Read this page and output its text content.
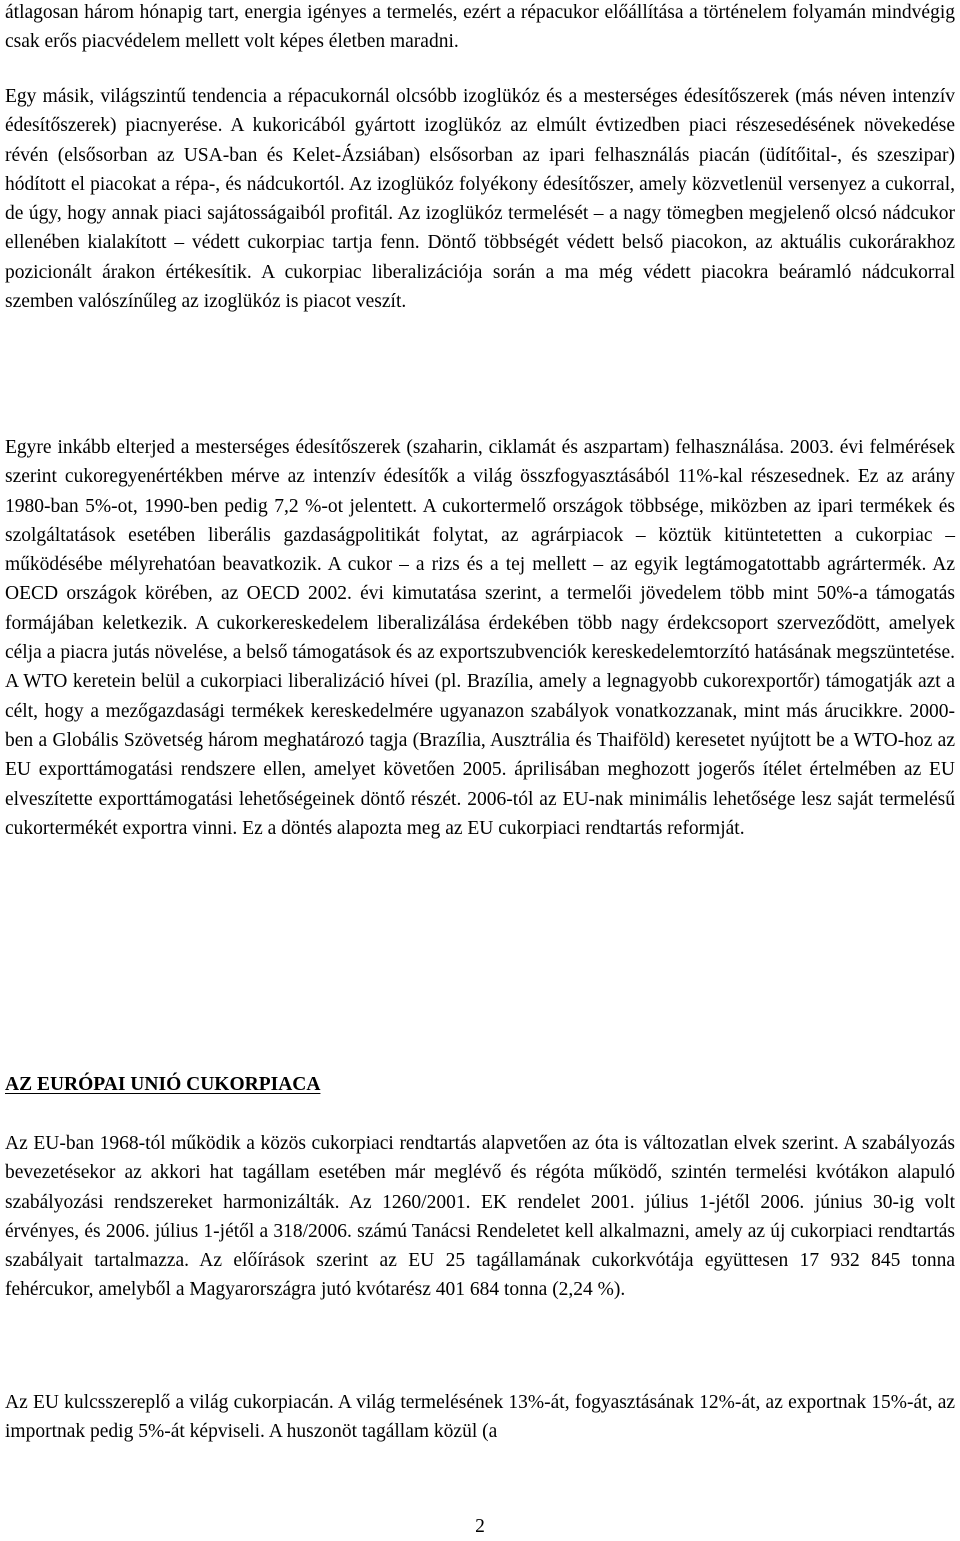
átlagosan három hónapig tart, energia igényes a termelés, ezért a répacukor előállítása a történelem folyamán mindvégig csak erős piacvédelem mellett volt képes életben maradni.

Egy másik, világszintű tendencia a répacukornál olcsóbb izoglükóz és a mesterséges édesítőszerek (más néven intenzív édesítőszerek) piacnyerése. A kukoricából gyártott izoglükóz az elmúlt évtizedben piaci részesedésének növekedése révén (elsősorban az USA-ban és Kelet-Ázsiában) elsősorban az ipari felhasználás piacán (üdítőital-, és szeszipar) hódított el piacokat a répa-, és nádcukortól. Az izoglükóz folyékony édesítőszer, amely közvetlenül versenyez a cukorral, de úgy, hogy annak piaci sajátosságaiból profitál. Az izoglükóz termelését – a nagy tömegben megjelenő olcsó nádcukor ellenében kialakított – védett cukorpiac tartja fenn. Döntő többségét védett belső piacokon, az aktuális cukorárakhoz pozicionált árakon értékesítik. A cukorpiac liberalizációja során a ma még védett piacokra beáramló nádcukorral szemben valószínűleg az izoglükóz is piacot veszít.

Egyre inkább elterjed a mesterséges édesítőszerek (szaharin, ciklamát és aszpartam) felhasználása. 2003. évi felmérések szerint cukoregyenértékben mérve az intenzív édesítők a világ összfogyasztásából 11%-kal részesednek. Ez az arány 1980-ban 5%-ot, 1990-ben pedig 7,2 %-ot jelentett. A cukortermelő országok többsége, miközben az ipari termékek és szolgáltatások esetében liberális gazdaságpolitikát folytat, az agrárpiacok – köztük kitüntetetten a cukorpiac – működésébe mélyrehatóan beavatkozik. A cukor – a rizs és a tej mellett – az egyik legtámogatottabb agrártermék. Az OECD országok körében, az OECD 2002. évi kimutatása szerint, a termelői jövedelem több mint 50%-a támogatás formájában keletkezik. A cukorkereskedelem liberalizálása érdekében több nagy érdekcsoport szerveződött, amelyek célja a piacra jutás növelése, a belső támogatások és az exportszubvenciók kereskedelemtorzító hatásának megszüntetése. A WTO keretein belül a cukorpiaci liberalizáció hívei (pl. Brazília, amely a legnagyobb cukorexportőr) támogatják azt a célt, hogy a mezőgazdasági termékek kereskedelmére ugyanazon szabályok vonatkozzanak, mint más árucikkre. 2000-ben a Globális Szövetség három meghatározó tagja (Brazília, Ausztrália és Thaiföld) keresetet nyújtott be a WTO-hoz az EU exporttámogatási rendszere ellen, amelyet követően 2005. áprilisában meghozott jogerős ítélet értelmében az EU elveszítette exporttámogatási lehetőségeinek döntő részét. 2006-tól az EU-nak minimális lehetősége lesz saját termelésű cukortermékét exportra vinni. Ez a döntés alapozta meg az EU cukorpiaci rendtartás reformját.

AZ EURÓPAI UNIÓ CUKORPIACA

Az EU-ban 1968-tól működik a közös cukorpiaci rendtartás alapvetően az óta is változatlan elvek szerint. A szabályozás bevezetésekor az akkori hat tagállam esetében már meglévő és régóta működő, szintén termelési kvótákon alapuló szabályozási rendszereket harmonizálták. Az 1260/2001. EK rendelet 2001. július 1-jétől 2006. június 30-ig volt érvényes, és 2006. július 1-jétől a 318/2006. számú Tanácsi Rendeletet kell alkalmazni, amely az új cukorpiaci rendtartás szabályait tartalmazza. Az előírások szerint az EU 25 tagállamának cukorkvótája együttesen 17 932 845 tonna fehércukor, amelyből a Magyarországra jutó kvótarész 401 684 tonna (2,24 %).

Az EU kulcsszereplő a világ cukorpiacán. A világ termelésének 13%-át, fogyasztásának 12%-át, az exportnak 15%-át, az importnak pedig 5%-át képviseli. A huszonöt tagállam közül (a

2
